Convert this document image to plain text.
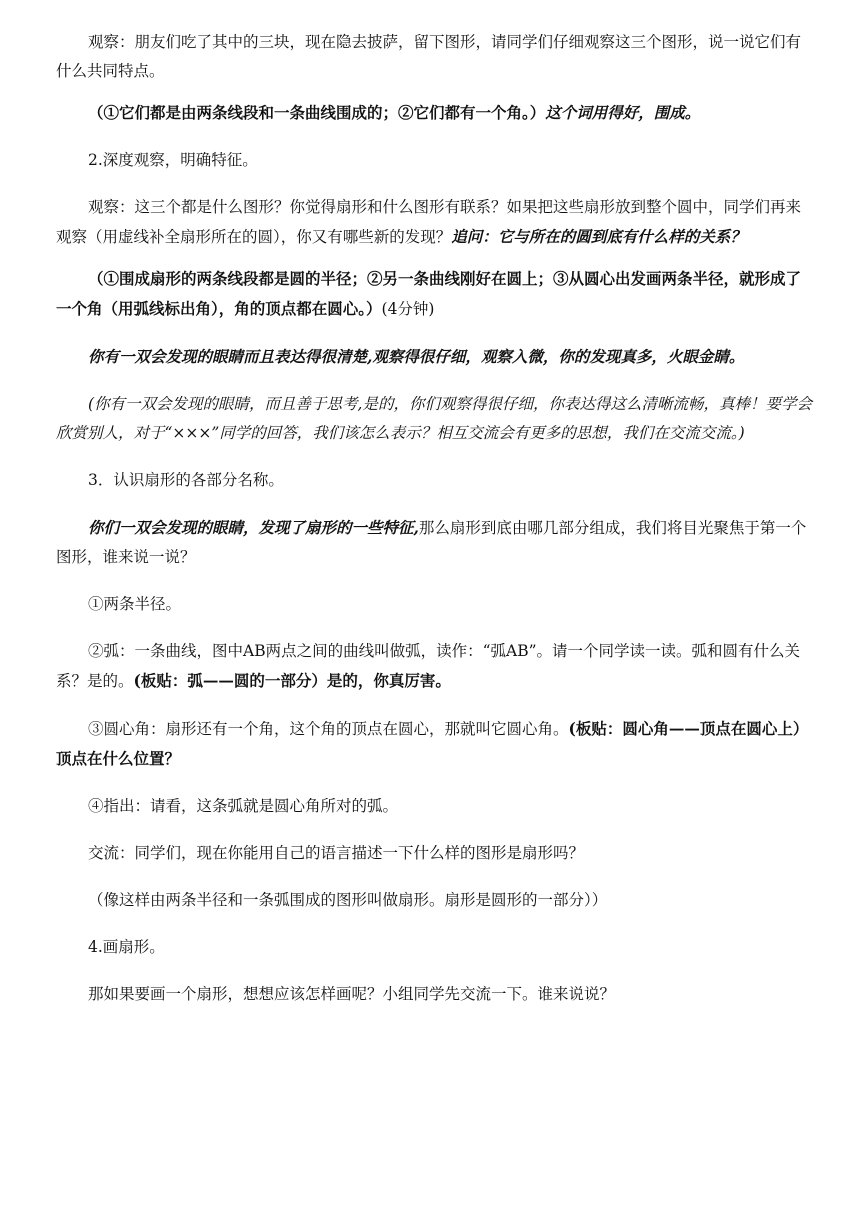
观察：朋友们吃了其中的三块，现在隐去披萨，留下图形，请同学们仔细观察这三个图形，说一说它们有什么共同特点。

（①它们都是由两条线段和一条曲线围成的；②它们都有一个角。）这个词用得好，围成。

2.深度观察，明确特征。

观察：这三个都是什么图形？你觉得扇形和什么图形有联系？如果把这些扇形放到整个圆中，同学们再来观察（用虚线补全扇形所在的圆），你又有哪些新的发现？追问：它与所在的圆到底有什么样的关系？

（①围成扇形的两条线段都是圆的半径；②另一条曲线刚好在圆上；③从圆心出发画两条半径，就形成了一个角（用弧线标出角），角的顶点都在圆心。）(4分钟)

你有一双会发现的眼睛而且表达得很清楚,观察得很仔细，观察入微，你的发现真多，火眼金睛。

(你有一双会发现的眼睛，而且善于思考,是的，你们观察得很仔细，你表达得这么清晰流畅，真棒！要学会欣赏别人，对于“×××”同学的回答，我们该怎么表示？相互交流会有更多的思想，我们在交流交流。)

3．认识扇形的各部分名称。

你们一双会发现的眼睛，发现了扇形的一些特征,那么扇形到底由哪几部分组成，我们将目光聚焦于第一个图形，谁来说一说？

①两条半径。

②弧：一条曲线，图中AB两点之间的曲线叫做弧，读作：“弧AB”。请一个同学读一读。弧和圆有什么关系？是的。(板贴：弧——圆的一部分）是的，你真厉害。

③圆心角：扇形还有一个角，这个角的顶点在圆心，那就叫它圆心角。(板贴：圆心角——顶点在圆心上）顶点在什么位置？

④指出：请看，这条弧就是圆心角所对的弧。

交流：同学们，现在你能用自己的语言描述一下什么样的图形是扇形吗？

（像这样由两条半径和一条弧围成的图形叫做扇形。扇形是圆形的一部分））

4.画扇形。

那如果要画一个扇形，想想应该怎样画呢？小组同学先交流一下。谁来说说？
